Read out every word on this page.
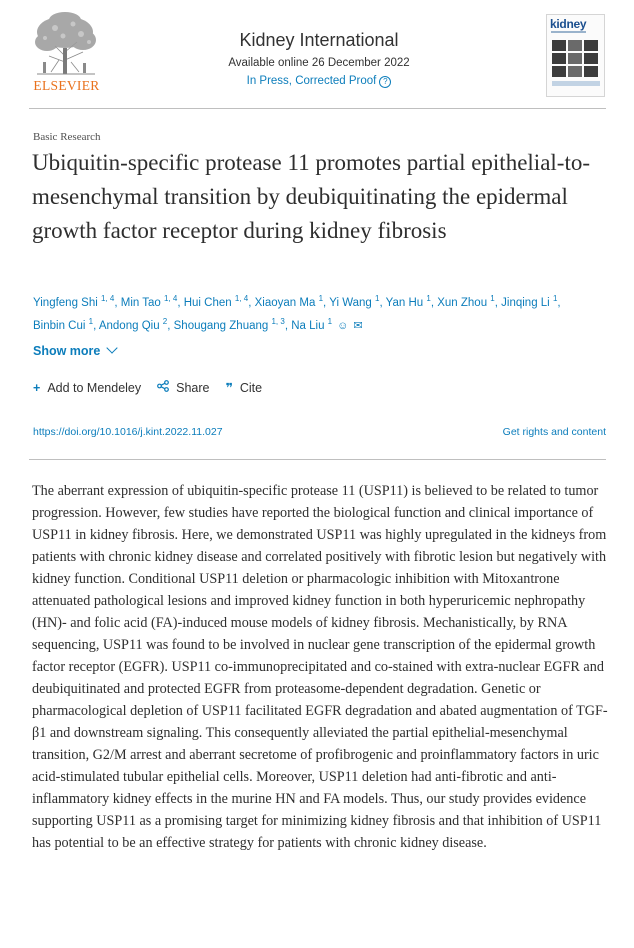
ELSEVIER
Kidney International
Available online 26 December 2022
In Press, Corrected Proof ?
kidney
Basic Research
Ubiquitin-specific protease 11 promotes partial epithelial-to-mesenchymal transition by deubiquitinating the epidermal growth factor receptor during kidney fibrosis
Yingfeng Shi $^{1, 4}$, Min Tao $^{1, 4}$, Hui Chen $^{1, 4}$, Xiaoyan Ma $^1$, Yi Wang $^1$, Yan Hu $^1$, Xun Zhou $^1$, Jinqing Li $^1$, Binbin Cui $^1$, Andong Qiu $^2$, Shougang Zhuang $^{1, 3}$, Na Liu $^1$ ☺ ✉
Show more
+ Add to Mendeley	Share ❞ Cite
https://doi.org/10.1016/j.kint.2022.11.027	Get rights and content

The aberrant expression of ubiquitin-specific protease 11 (USP11) is believed to be related to tumor progression. However, few studies have reported the biological function and clinical importance of USP11 in kidney fibrosis. Here, we demonstrated USP11 was highly upregulated in the kidneys from patients with chronic kidney disease and correlated positively with fibrotic lesion but negatively with kidney function. Conditional USP11 deletion or pharmacologic inhibition with Mitoxantrone attenuated pathological lesions and improved kidney function in both hyperuricemic nephropathy (HN)- and folic acid (FA)-induced mouse models of kidney fibrosis. Mechanistically, by RNA sequencing, USP11 was found to be involved in nuclear gene transcription of the epidermal growth factor receptor (EGFR). USP11 co-immunoprecipitated and co-stained with extra-nuclear EGFR and deubiquitinated and protected EGFR from proteasome-dependent degradation. Genetic or pharmacological depletion of USP11 facilitated EGFR degradation and abated augmentation of TGF-β1 and downstream signaling. This consequently alleviated the partial epithelial-mesenchymal transition, G2/M arrest and aberrant secretome of profibrogenic and proinflammatory factors in uric acid-stimulated tubular epithelial cells. Moreover, USP11 deletion had anti-fibrotic and anti-inflammatory kidney effects in the murine HN and FA models. Thus, our study provides evidence supporting USP11 as a promising target for minimizing kidney fibrosis and that inhibition of USP11 has potential to be an effective strategy for patients with chronic kidney disease.
